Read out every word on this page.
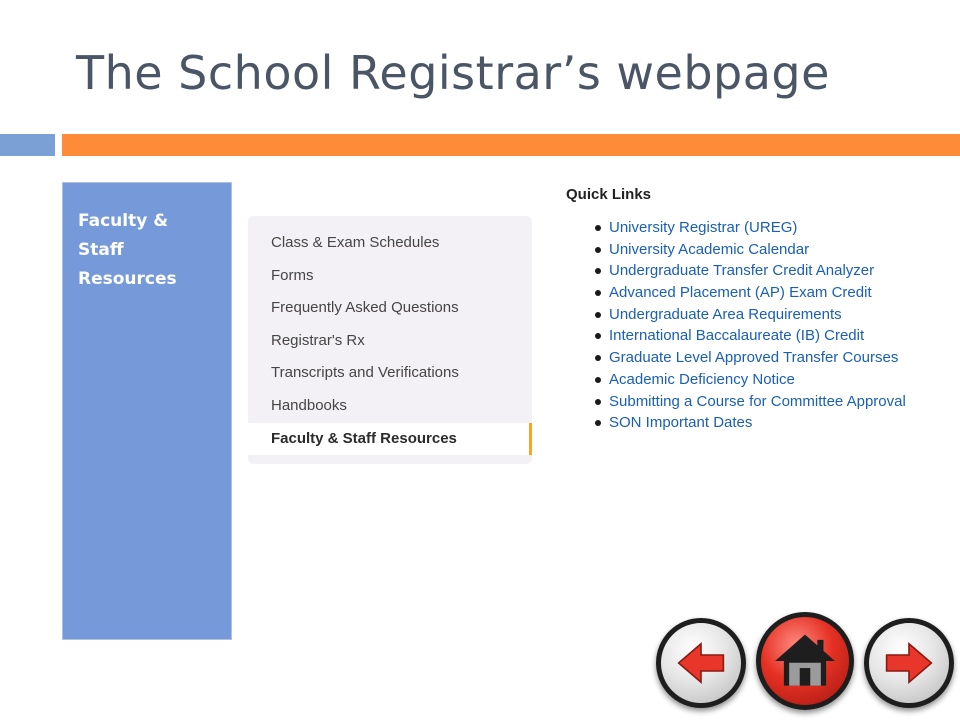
The School Registrar’s webpage
Faculty & Staff Resources
Class & Exam Schedules
Forms
Frequently Asked Questions
Registrar's Rx
Transcripts and Verifications
Handbooks
Faculty & Staff Resources
Quick Links
University Registrar (UREG)
University Academic Calendar
Undergraduate Transfer Credit Analyzer
Advanced Placement (AP) Exam Credit
Undergraduate Area Requirements
International Baccalaureate (IB) Credit
Graduate Level Approved Transfer Courses
Academic Deficiency Notice
Submitting a Course for Committee Approval
SON Important Dates
